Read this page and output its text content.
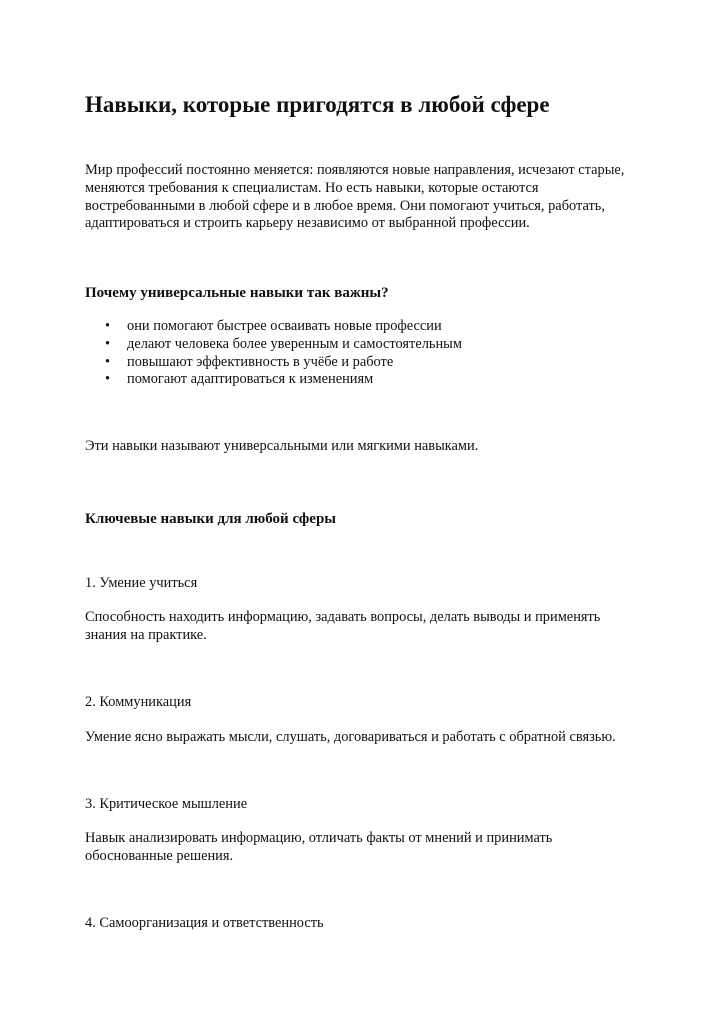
Навыки, которые пригодятся в любой сфере

Мир профессий постоянно меняется: появляются новые направления, исчезают старые,
меняются требования к специалистам. Но есть навыки, которые остаются
востребованными в любой сфере и в любое время. Они помогают учиться, работать,
адаптироваться и строить карьеру независимо от выбранной профессии.

Почему универсальные навыки так важны?
• они помогают быстрее осваивать новые профессии
• делают человека более уверенным и самостоятельным
• повышают эффективность в учёбе и работе
• помогают адаптироваться к изменениям

Эти навыки называют универсальными или мягкими навыками.

Ключевые навыки для любой сферы

1. Умение учиться

Способность находить информацию, задавать вопросы, делать выводы и применять
знания на практике.

2. Коммуникация

Умение ясно выражать мысли, слушать, договариваться и работать с обратной связью.

3. Критическое мышление

Навык анализировать информацию, отличать факты от мнений и принимать
обоснованные решения.

4. Самоорганизация и ответственность
